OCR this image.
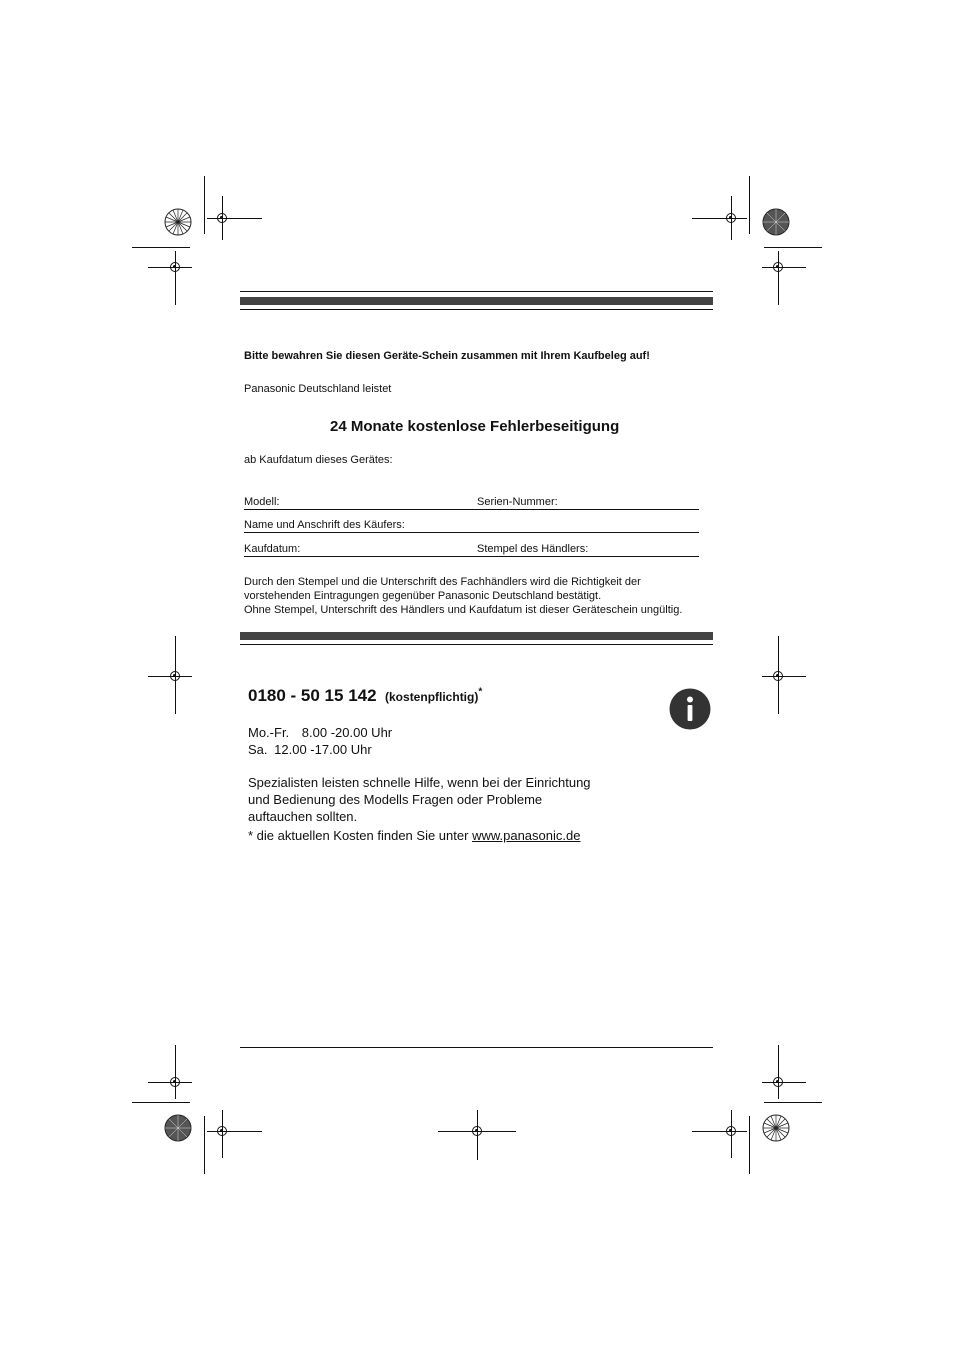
Bitte bewahren Sie diesen Geräte-Schein zusammen mit Ihrem Kaufbeleg auf!
Panasonic Deutschland leistet
24 Monate kostenlose Fehlerbeseitigung
ab Kaufdatum dieses Gerätes:
Modell:	Serien-Nummer:
Name und Anschrift des Käufers:
Kaufdatum:	Stempel des Händlers:
Durch den Stempel und die Unterschrift des Fachhändlers wird die Richtigkeit der
vorstehenden Eintragungen gegenüber Panasonic Deutschland bestätigt.
Ohne Stempel, Unterschrift des Händlers und Kaufdatum ist dieser Geräteschein ungültig.
0180 - 50 15 142 (kostenpflichtig)*
Mo.-Fr. 8.00 -20.00 Uhr
Sa. 12.00 -17.00 Uhr
Spezialisten leisten schnelle Hilfe, wenn bei der Einrichtung
und Bedienung des Modells Fragen oder Probleme
auftauchen sollten.
* die aktuellen Kosten finden Sie unter www.panasonic.de
